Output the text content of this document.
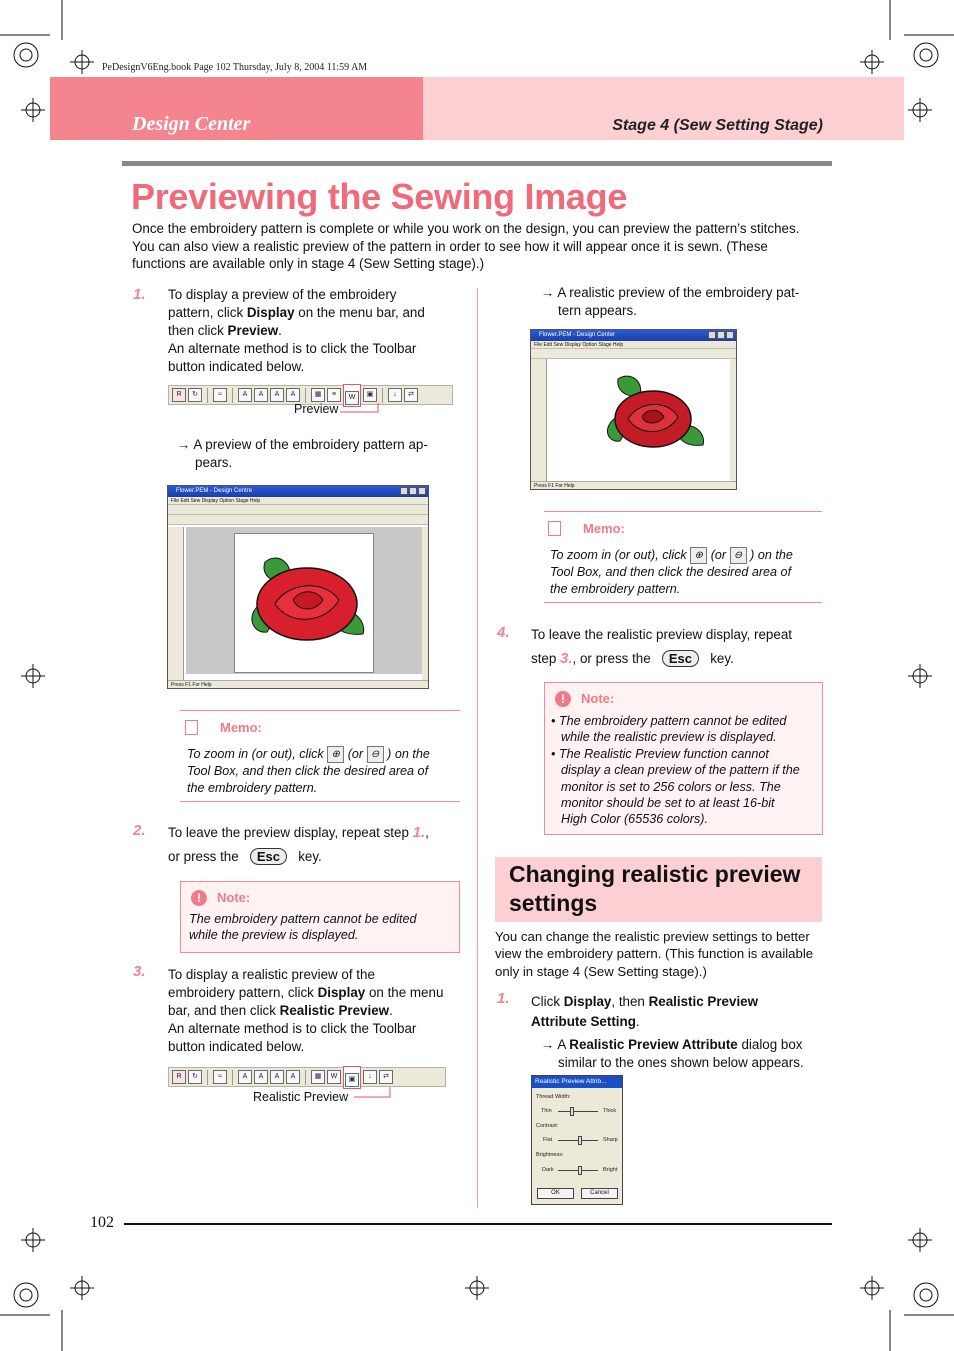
PeDesignV6Eng.book Page 102 Thursday, July 8, 2004 11:59 AM
Design Center	Stage 4 (Sew Setting Stage)
Previewing the Sewing Image
Once the embroidery pattern is complete or while you work on the design, you can preview the pattern’s stitches. You can also view a realistic preview of the pattern in order to see how it will appear once it is sewn. (These functions are available only in stage 4 (Sew Setting stage).)
1. To display a preview of the embroidery
pattern, click Display on the menu bar, and
then click Preview.
An alternate method is to click the Toolbar
button indicated below.
R	↻	≈	A	A	A	A	▦	≡	W	▣	↓	⇄
Preview
→ A preview of the embroidery pattern ap-
pears.
Flower.PEM - Design Centre
File Edit Sew Display Option Stage Help
Press F1 For Help
Memo:
To zoom in (or out), click ⊕ (or ⊖ ) on the
Tool Box, and then click the desired area of
the embroidery pattern.
2. To leave the preview display, repeat step 1.,
or press the Esc key.
! Note:
The embroidery pattern cannot be edited
while the preview is displayed.
3. To display a realistic preview of the
embroidery pattern, click Display on the menu
bar, and then click Realistic Preview.
An alternate method is to click the Toolbar
button indicated below.
R	↻	≈	A	A	A	A	▦	W	▣	↓	⇄
Realistic Preview
→ A realistic preview of the embroidery pat-
tern appears.
Flower.PEM - Design Center
File Edit Sew Display Option Stage Help
Press F1 For Help
Memo:
To zoom in (or out), click ⊕ (or ⊖ ) on the
Tool Box, and then click the desired area of
the embroidery pattern.
4. To leave the realistic preview display, repeat
step 3., or press the Esc key.
! Note:
• The embroidery pattern cannot be edited
while the realistic preview is displayed.
• The Realistic Preview function cannot
display a clean preview of the pattern if the
monitor is set to 256 colors or less. The
monitor should be set to at least 16-bit
High Color (65536 colors).
Changing realistic preview settings
You can change the realistic preview settings to better view the embroidery pattern. (This function is available only in stage 4 (Sew Setting stage).)
1. Click Display, then Realistic Preview
Attribute Setting.
→ A Realistic Preview Attribute dialog box
similar to the ones shown below appears.
Realistic Preview Attrib...
Thread Width:
Thin	Thick
Contrast:
Flat	Sharp
Brightness:
Dark	Bright
OK	Cancel
102
